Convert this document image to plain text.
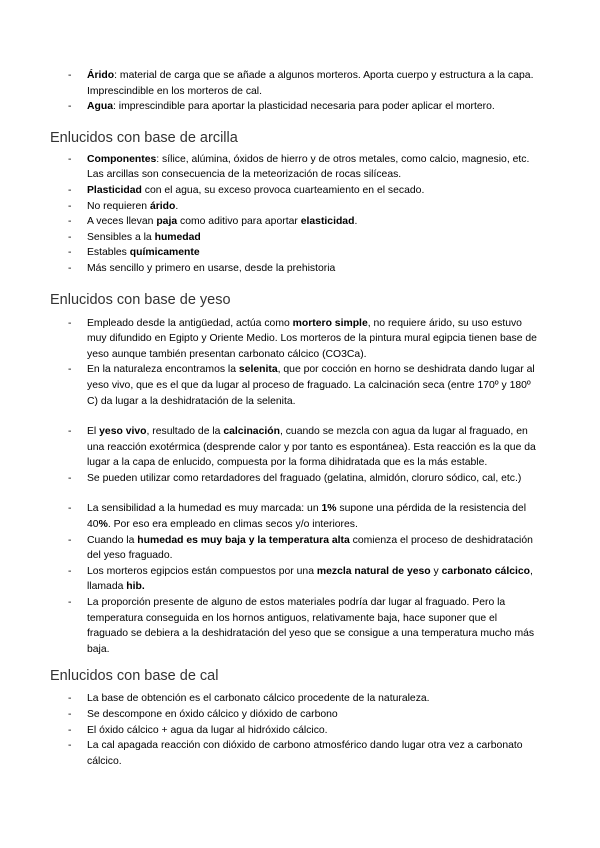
-	Árido: material de carga que se añade a algunos morteros. Aporta cuerpo y estructura a la capa. Imprescindible en los morteros de cal.
-	Agua: imprescindible para aportar la plasticidad necesaria para poder aplicar el mortero.
Enlucidos con base de arcilla
-	Componentes: sílice, alúmina, óxidos de hierro y de otros metales, como calcio, magnesio, etc. Las arcillas son consecuencia de la meteorización de rocas silíceas.
-	Plasticidad con el agua, su exceso provoca cuarteamiento en el secado.
-	No requieren árido.
-	A veces llevan paja como aditivo para aportar elasticidad.
-	Sensibles a la humedad
-	Estables químicamente
-	Más sencillo y primero en usarse, desde la prehistoria
Enlucidos con base de yeso
-	Empleado desde la antigüedad, actúa como mortero simple, no requiere árido, su uso estuvo muy difundido en Egipto y Oriente Medio. Los morteros de la pintura mural egipcia tienen base de yeso aunque también presentan carbonato cálcico (CO3Ca).
-	En la naturaleza encontramos la selenita, que por cocción en horno se deshidrata dando lugar al yeso vivo, que es el que da lugar al proceso de fraguado. La calcinación seca (entre 170º y 180º C) da lugar a la deshidratación de la selenita.
-	El yeso vivo, resultado de la calcinación, cuando se mezcla con agua da lugar al fraguado, en una reacción exotérmica (desprende calor y por tanto es espontánea). Esta reacción es la que da lugar a la capa de enlucido, compuesta por la forma dihidratada que es la más estable.
-	Se pueden utilizar como retardadores del fraguado (gelatina, almidón, cloruro sódico, cal, etc.)
-	La sensibilidad a la humedad es muy marcada: un 1% supone una pérdida de la resistencia del 40%. Por eso era empleado en climas secos y/o interiores.
-	Cuando la humedad es muy baja y la temperatura alta comienza el proceso de deshidratación del yeso fraguado.
-	Los morteros egipcios están compuestos por una mezcla natural de yeso y carbonato cálcico, llamada hib.
-	La proporción presente de alguno de estos materiales podría dar lugar al fraguado. Pero la temperatura conseguida en los hornos antiguos, relativamente baja, hace suponer que el fraguado se debiera a la deshidratación del yeso que se consigue a una temperatura mucho más baja.
Enlucidos con base de cal
-	La base de obtención es el carbonato cálcico procedente de la naturaleza.
-	Se descompone en óxido cálcico y dióxido de carbono
-	El óxido cálcico + agua da lugar al hidróxido cálcico.
-	La cal apagada reacción con dióxido de carbono atmosférico dando lugar otra vez a carbonato cálcico.
